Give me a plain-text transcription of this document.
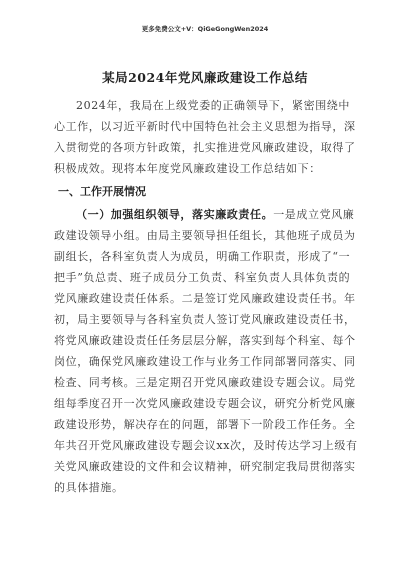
更多免费公文+V：QiGeGongWen2024
某局2024年党风廉政建设工作总结
2024年，我局在上级党委的正确领导下，紧密围绕中心工作，以习近平新时代中国特色社会主义思想为指导，深入贯彻党的各项方针政策，扎实推进党风廉政建设，取得了积极成效。现将本年度党风廉政建设工作总结如下：
一、工作开展情况
（一）加强组织领导，落实廉政责任。一是成立党风廉政建设领导小组。由局主要领导担任组长，其他班子成员为副组长，各科室负责人为成员，明确工作职责，形成了“一把手”负总责、班子成员分工负责、科室负责人具体负责的党风廉政建设责任体系。二是签订党风廉政建设责任书。年初，局主要领导与各科室负责人签订党风廉政建设责任书，将党风廉政建设责任任务层层分解，落实到每个科室、每个岗位，确保党风廉政建设工作与业务工作同部署同落实、同检查、同考核。三是定期召开党风廉政建设专题会议。局党组每季度召开一次党风廉政建设专题会议，研究分析党风廉政建设形势，解决存在的问题，部署下一阶段工作任务。全年共召开党风廉政建设专题会议xx次，及时传达学习上级有关党风廉政建设的文件和会议精神，研究制定我局贯彻落实的具体措施。
